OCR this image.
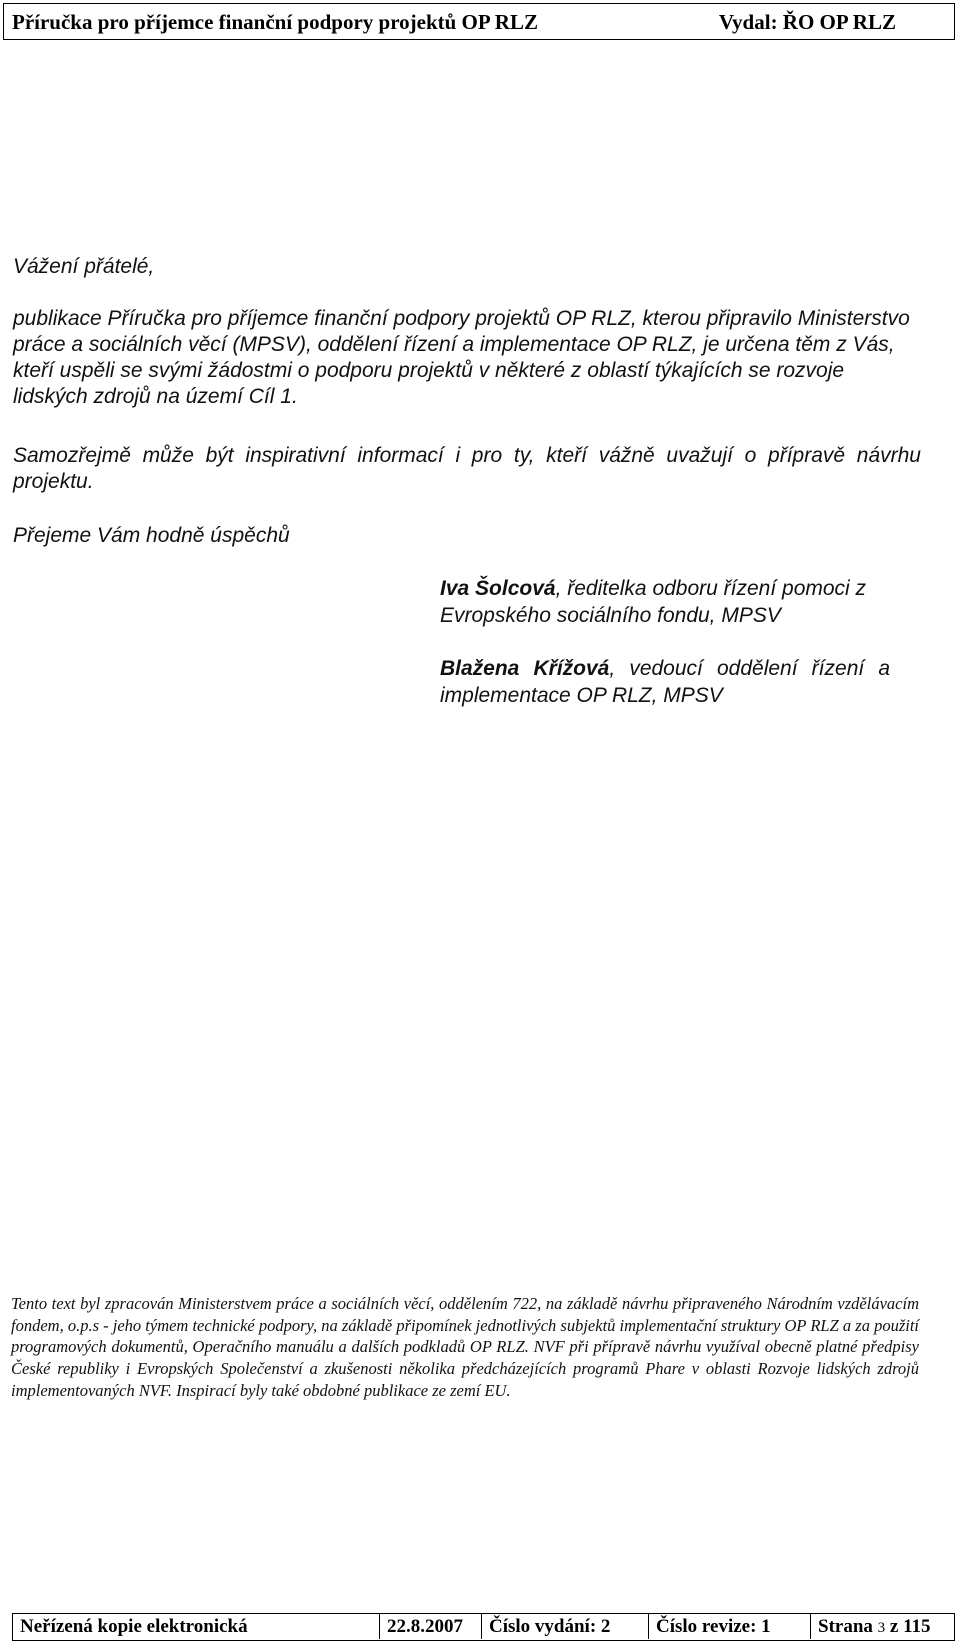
Příručka pro příjemce finanční podpory projektů OP RLZ	Vydal: ŘO OP RLZ

Vážení přátelé,

publikace Příručka pro příjemce finanční podpory projektů OP RLZ, kterou připravilo Ministerstvo práce a sociálních věcí (MPSV), oddělení řízení a implementace OP RLZ, je určena těm z Vás, kteří uspěli se svými žádostmi o podporu projektů v některé z oblastí týkajících se rozvoje lidských zdrojů na území Cíl 1.

Samozřejmě může být inspirativní informací i pro ty, kteří vážně uvažují o přípravě návrhu projektu.

Přejeme Vám hodně úspěchů

Iva Šolcová, ředitelka odboru řízení pomoci z Evropského sociálního fondu, MPSV

Blažena Křížová, vedoucí oddělení řízení a implementace OP RLZ, MPSV

Tento text byl zpracován Ministerstvem práce a sociálních věcí, oddělením 722, na základě návrhu připraveného Národním vzdělávacím fondem, o.p.s - jeho týmem technické podpory, na základě připomínek jednotlivých subjektů implementační struktury OP RLZ a za použití programových dokumentů, Operačního manuálu a dalších podkladů OP RLZ. NVF při přípravě návrhu využíval obecně platné předpisy České republiky i Evropských Společenství a zkušenosti několika předcházejících programů Phare v oblasti Rozvoje lidských zdrojů implementovaných NVF. Inspirací byly také obdobné publikace ze zemí EU.

Neřízená kopie elektronická	22.8.2007	Číslo vydání: 2	Číslo revize: 1	Strana 3 z 115
